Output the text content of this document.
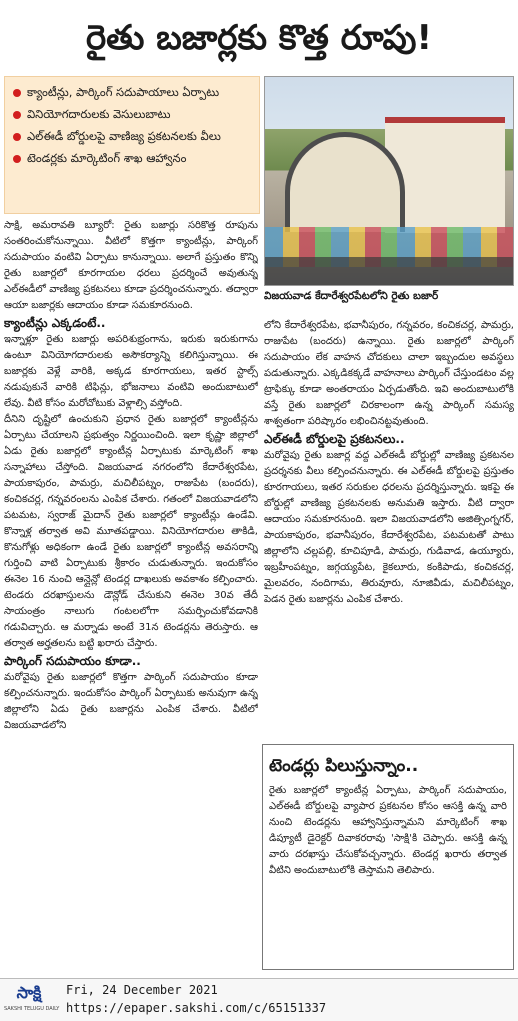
రైతు బజార్లకు కొత్త రూపు!
క్యాంటీన్లు, పార్కింగ్ సదుపాయాలు ఏర్పాటు
వినియోగదారులకు వెసులుబాటు
ఎల్ఈడీ బోర్డులపై వాణిజ్య ప్రకటనలకు వీలు
టెండర్లకు మార్కెటింగ్ శాఖ ఆహ్వానం
విజయవాడ కేదారేశ్వరపేటలోని రైతు బజార్

సాక్షి, అమరావతి బ్యూరో: రైతు బజార్లు సరికొత్త రూపును సంతరించుకోనున్నాయి. వీటిలో కొత్తగా క్యాంటీన్లు, పార్కింగ్ సదుపాయం వంటివి ఏర్పాటు కానున్నాయి. అలాగే ప్రస్తుతం కొన్ని రైతు బజార్లలో కూరగాయల ధరలు ప్రదర్శించే అవుతున్న ఎల్ఈడీలో వాణిజ్య ప్రకటనలు కూడా ప్రదర్శించనున్నారు. తద్వారా ఆయా బజార్లకు ఆదాయం కూడా సమకూరనుంది.

క్యాంటీన్లు ఎక్కడంటే..

ఇన్నాళ్లూ రైతు బజార్లు అపరిశుభ్రంగాను, ఇరుకు ఇరుకుగాను ఉంటూ వినియోగదారులకు అసౌకర్యాన్ని కలిగిస్తున్నాయి. ఈ బజార్లకు వెళ్లే వారికి, అక్కడ కూరగాయలు, ఇతర స్టాల్స్ నడుపుకునే వారికి టిఫిన్లు, భోజనాలు వంటివి అందుబాటులో లేవు. వీటి కోసం మరోచోటుకు వెళ్లాల్సి వస్తోంది.

దీనిని దృష్టిలో ఉంచుకుని ప్రధాన రైతు బజార్లలో క్యాంటీన్లను ఏర్పాటు చేయాలని ప్రభుత్వం నిర్ణయించింది. ఇలా కృష్ణా జిల్లాలో ఏడు రైతు బజార్లలో క్యాంటీన్ల ఏర్పాటుకు మార్కెటింగ్ శాఖ సన్నాహాలు చేస్తోంది. విజయవాడ నగరంలోని కేదారేశ్వరపేట, పాయకాపురం, పామర్రు, మచిలీపట్నం, రాజుపేట (బందరు), కంచికచర్ల, గన్నవరంలను ఎంపిక చేశారు. గతంలో విజయవాడలోని పటమట, స్వరాజ్ మైదాన్ రైతు బజార్లలో క్యాంటీన్లు ఉండేవి. కొన్నాళ్ల తర్వాత అవి మూతపడ్డాయి. వినియోగదారుల తాకిడి, కొనుగోళ్లు అధికంగా ఉండే రైతు బజార్లలో క్యాంటీన్ల అవసరాన్ని గుర్తించి వాటి ఏర్పాటుకు శ్రీకారం చుడుతున్నారు. ఇందుకోసం ఈనెల 16 నుంచి ఆన్లైన్లో టెండర్ల దాఖలుకు అవకాశం కల్పించారు. టెండరు దరఖాస్తులను డౌన్లోడ్ చేసుకుని ఈనెల 30వ తేదీ సాయంత్రం నాలుగు గంటలలోగా సమర్పించుకోవడానికి గడువిచ్చారు. ఆ మర్నాడు అంటే 31న టెండర్లను తెరుస్తారు. ఆ తర్వాత అర్హతలను బట్టి ఖరారు చేస్తారు.

పార్కింగ్ సదుపాయం కూడా..

మరోవైపు రైతు బజార్లలో కొత్తగా పార్కింగ్ సదుపాయం కూడా కల్పించనున్నారు. ఇందుకోసం పార్కింగ్ ఏర్పాటుకు అనువుగా ఉన్న జిల్లాలోని ఏడు రైతు బజార్లను ఎంపిక చేశారు. వీటిలో విజయవాడలోని

లోని కేదారేశ్వరపేట, భవానీపురం, గన్నవరం, కంచికచర్ల, పామర్రు, రాజుపేట (బందరు) ఉన్నాయి. రైతు బజార్లలో పార్కింగ్ సదుపాయం లేక వాహన చోదకులు చాలా ఇబ్బందుల అవస్థలు పడుతున్నారు. ఎక్కడికక్కడే వాహనాలు పార్కింగ్ చేస్తుండటం వల్ల ట్రాఫిక్కు కూడా అంతరాయం ఏర్పడుతోంది. ఇవి అందుబాటులోకి వస్తే రైతు బజార్లలో చిరకాలంగా ఉన్న పార్కింగ్ సమస్య శాశ్వతంగా పరిష్కారం లభించినట్టవుతుంది.

ఎల్ఈడీ బోర్డులపై ప్రకటనలు..

మరోవైపు రైతు బజార్ల వద్ద ఎల్ఈడీ బోర్డుల్లో వాణిజ్య ప్రకటనల ప్రదర్శనకు వీలు కల్పించనున్నారు. ఈ ఎల్ఈడీ బోర్డులపై ప్రస్తుతం కూరగాయలు, ఇతర సరుకుల ధరలను ప్రదర్శిస్తున్నారు. ఇకపై ఈ బోర్డుల్లో వాణిజ్య ప్రకటనలకు అనుమతి ఇస్తారు. వీటి ద్వారా ఆదాయం సమకూరనుంది. ఇలా విజయవాడలోని అజిత్సింగ్నగర్, పాయకాపురం, భవానీపురం, కేదారేశ్వరపేట, పటమటతో పాటు జిల్లాలోని చల్లపల్లి, కూచిపూడి, పామర్రు, గుడివాడ, ఉయ్యూరు, ఇబ్రహీంపట్నం, జగ్గయ్యపేట, కైకలూరు, కంకిపాడు, కంచికచర్ల, మైలవరం, నందిగామ, తిరువూరు, నూజివీడు, మచిలీపట్నం, పెడన రైతు బజార్లను ఎంపిక చేశారు.

టెండర్లు పిలుస్తున్నాం..
రైతు బజార్లలో క్యాంటీన్ల ఏర్పాటు, పార్కింగ్ సదుపాయం, ఎల్ఈడీ బోర్డులపై వ్యాపార ప్రకటనల కోసం ఆసక్తి ఉన్న వారి నుంచి టెండర్లను ఆహ్వానిస్తున్నామని మార్కెటింగ్ శాఖ డిప్యూటీ డైరెక్టర్ దివాకరరావు 'సాక్షి'కి చెప్పారు. ఆసక్తి ఉన్న వారు దరఖాస్తు చేసుకోవచ్చన్నారు. టెండర్ల ఖరారు తర్వాత వీటిని అందుబాటులోకి తెస్తామని తెలిపారు.
సాక్షి
SAKSHI TELUGU DAILY
Fri, 24 December 2021
https://epaper.sakshi.com/c/65151337
